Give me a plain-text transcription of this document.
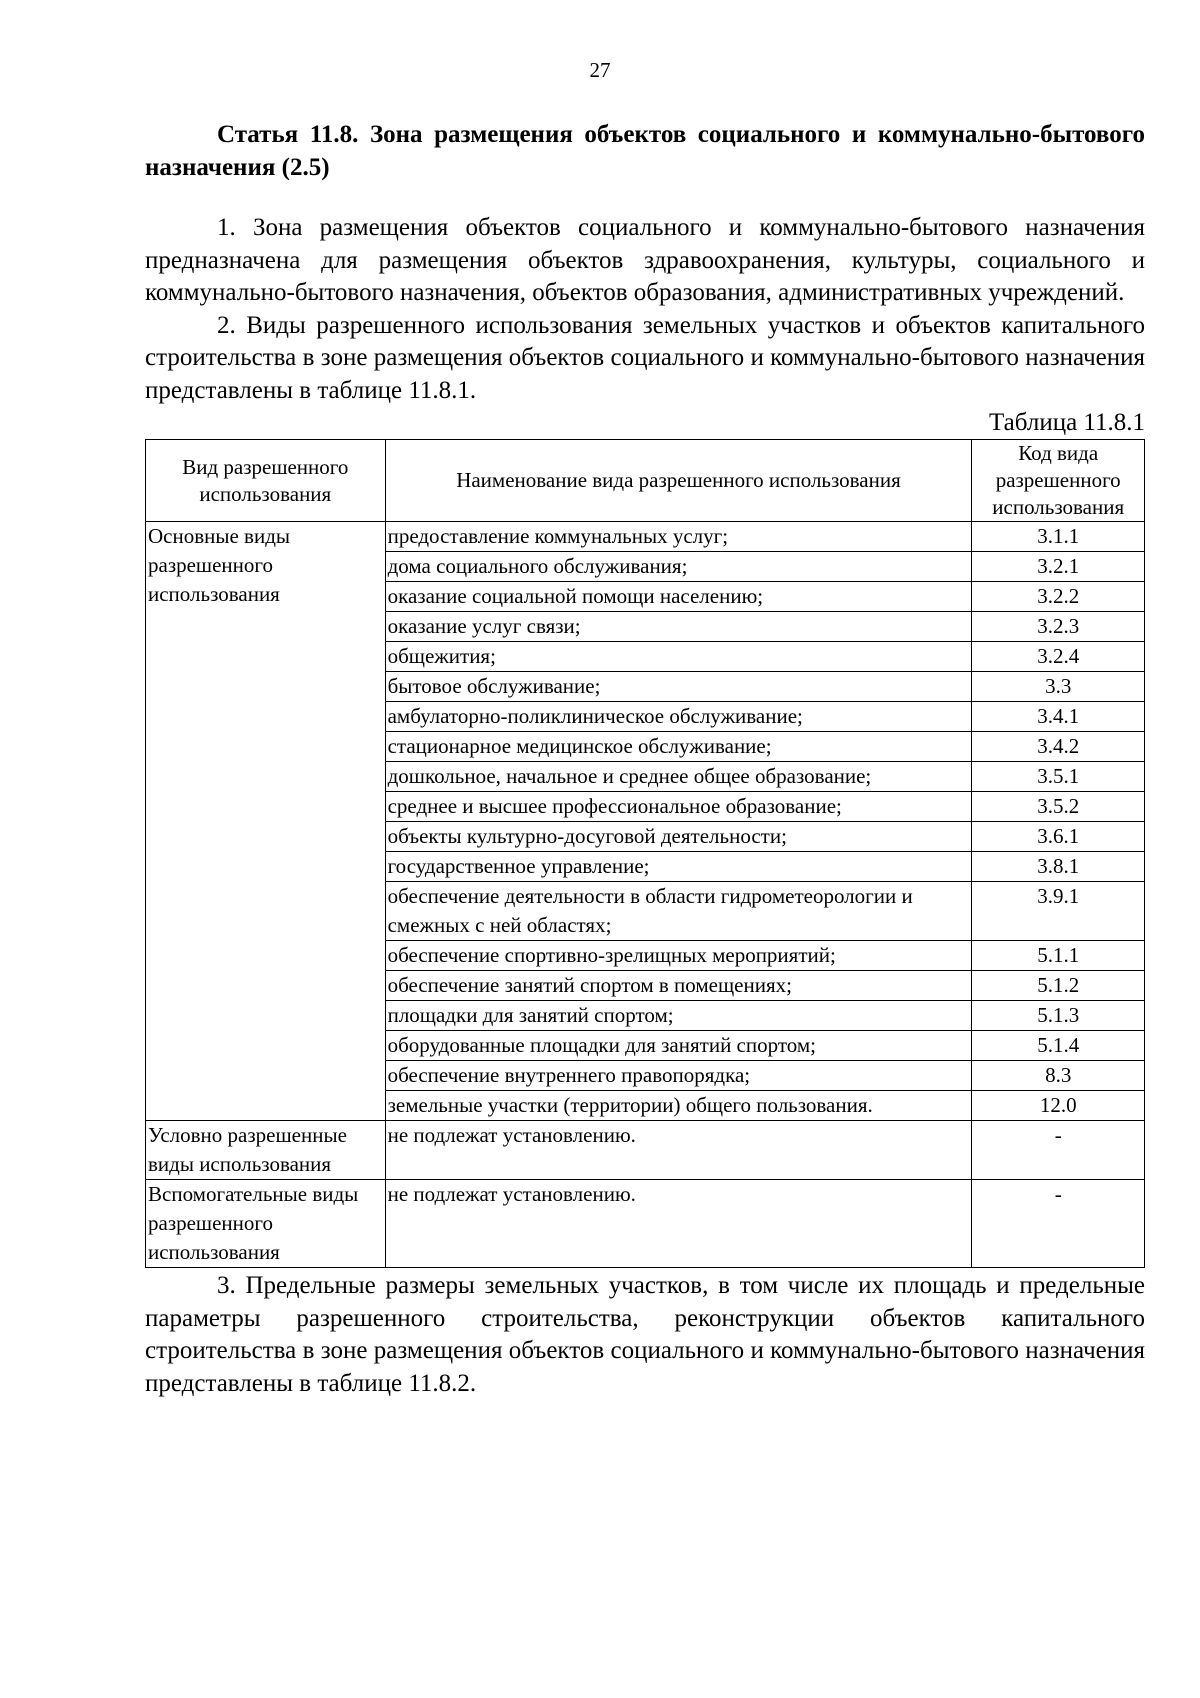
27

Статья 11.8. Зона размещения объектов социального и коммунально-бытового назначения (2.5)

1. Зона размещения объектов социального и коммунально-бытового назначения предназначена для размещения объектов здравоохранения, культуры, социального и коммунально-бытового назначения, объектов образования, административных учреждений.

2. Виды разрешенного использования земельных участков и объектов капитального строительства в зоне размещения объектов социального и коммунально-бытового назначения представлены в таблице 11.8.1.

Таблица 11.8.1

Вид разрешенного использования	Наименование вида разрешенного использования	Код вида разрешенного использования
Основные виды разрешенного использования	предоставление коммунальных услуг;	3.1.1
	дома социального обслуживания;	3.2.1
	оказание социальной помощи населению;	3.2.2
	оказание услуг связи;	3.2.3
	общежития;	3.2.4
	бытовое обслуживание;	3.3
	амбулаторно-поликлиническое обслуживание;	3.4.1
	стационарное медицинское обслуживание;	3.4.2
	дошкольное, начальное и среднее общее образование;	3.5.1
	среднее и высшее профессиональное образование;	3.5.2
	объекты культурно-досуговой деятельности;	3.6.1
	государственное управление;	3.8.1
	обеспечение деятельности в области гидрометеорологии и смежных с ней областях;	3.9.1
	обеспечение спортивно-зрелищных мероприятий;	5.1.1
	обеспечение занятий спортом в помещениях;	5.1.2
	площадки для занятий спортом;	5.1.3
	оборудованные площадки для занятий спортом;	5.1.4
	обеспечение внутреннего правопорядка;	8.3
	земельные участки (территории) общего пользования.	12.0
Условно разрешенные виды использования	не подлежат установлению.	-
Вспомогательные виды разрешенного использования	не подлежат установлению.	-

3. Предельные размеры земельных участков, в том числе их площадь и предельные параметры разрешенного строительства, реконструкции объектов капитального строительства в зоне размещения объектов социального и коммунально-бытового назначения представлены в таблице 11.8.2.
